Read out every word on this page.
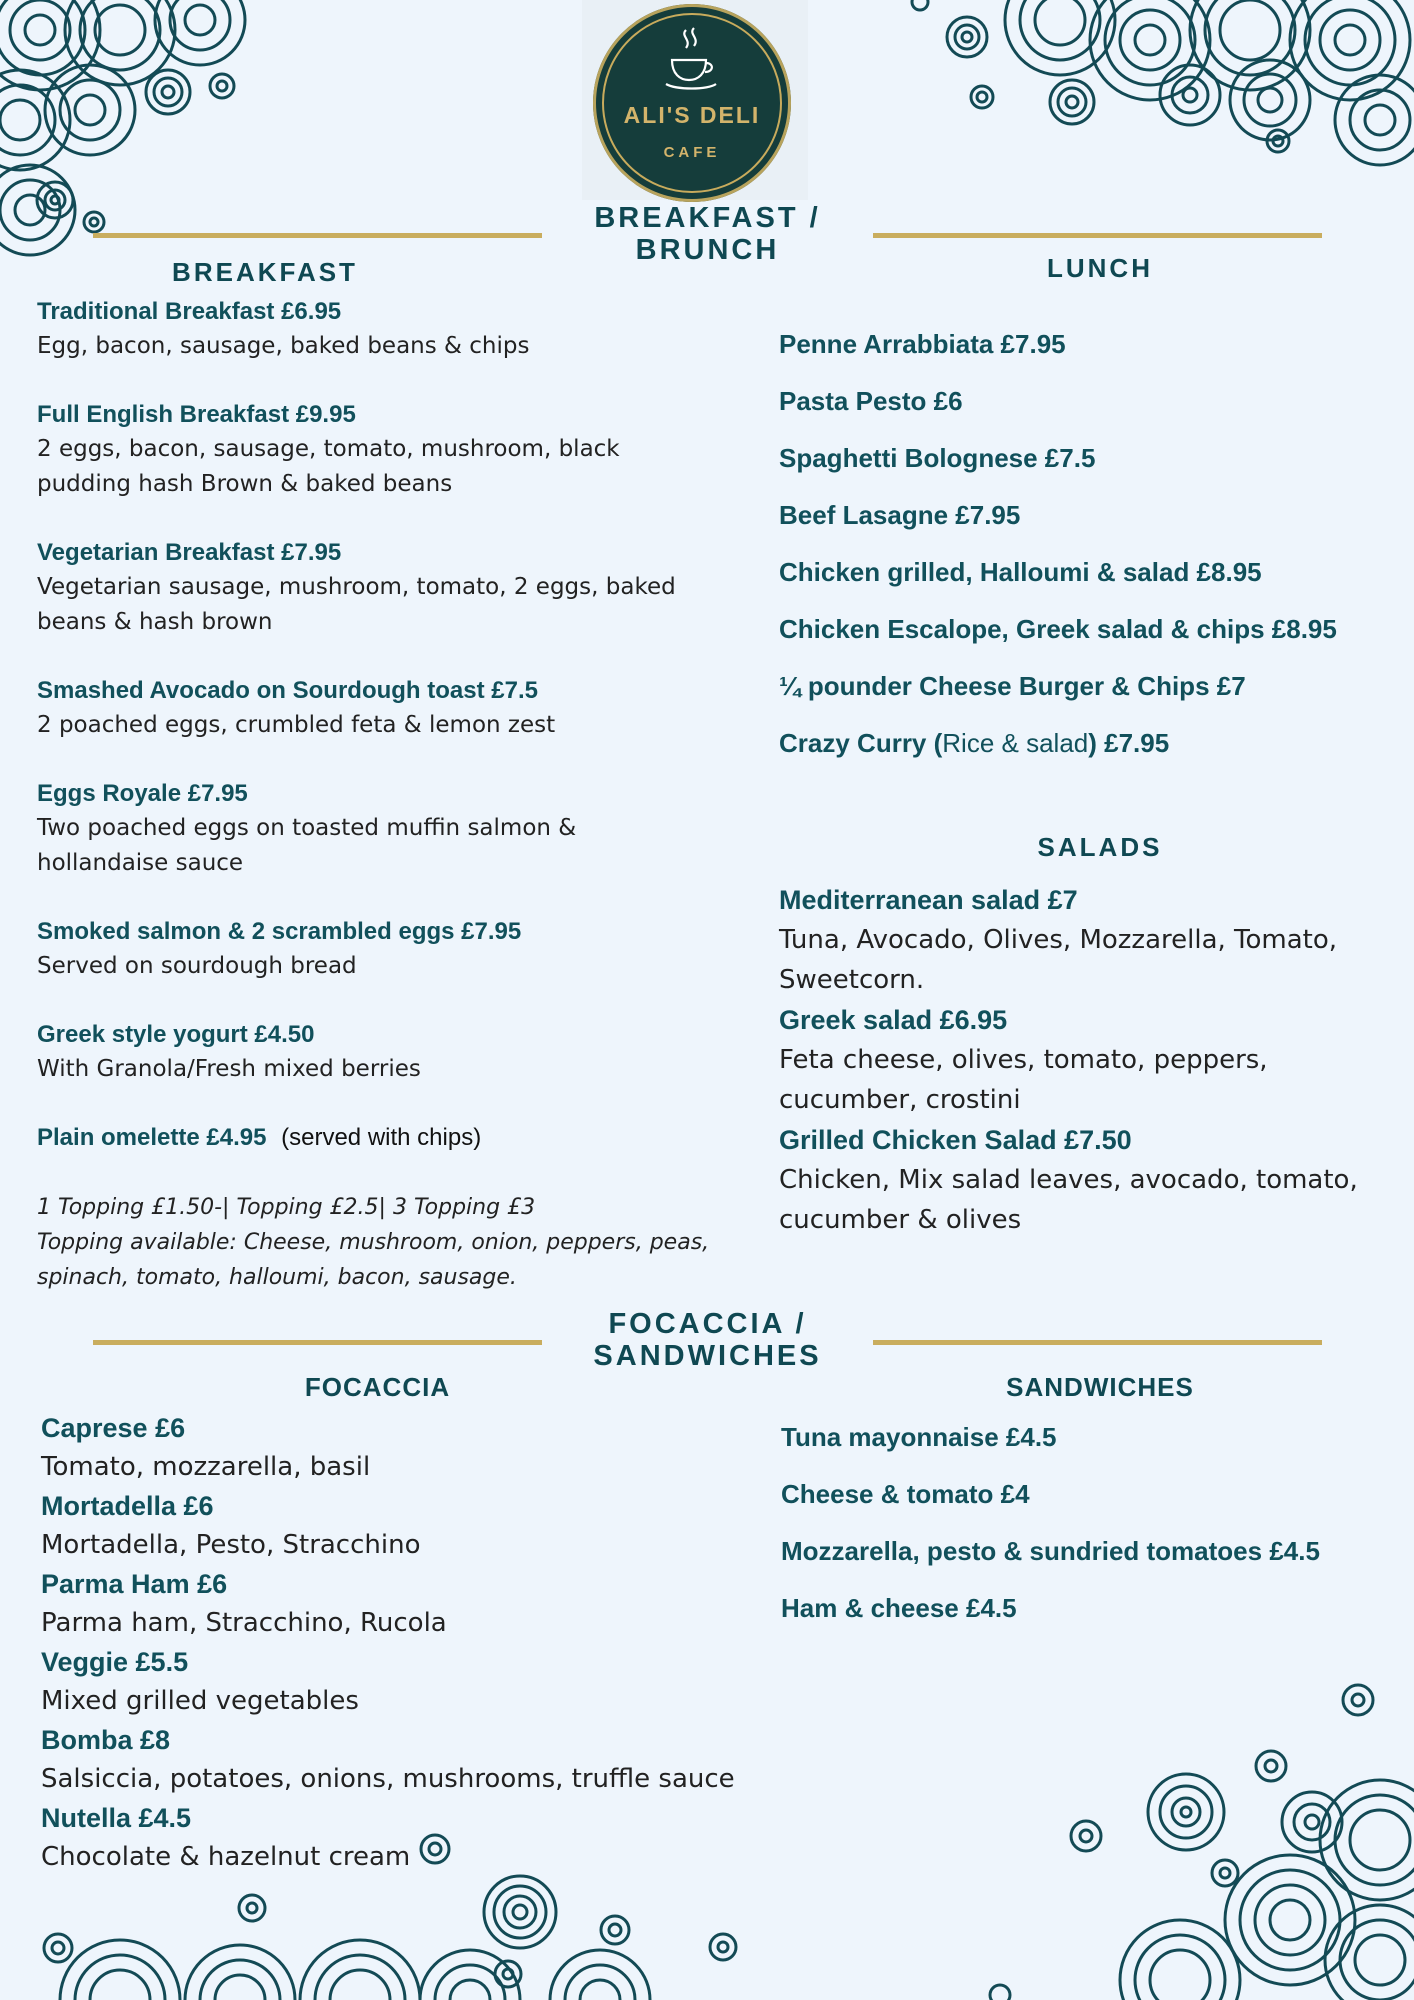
ALI'S DELI
CAFE
BREAKFAST /
BRUNCH
BREAKFAST	LUNCH
Traditional Breakfast £6.95
Egg, bacon, sausage, baked beans & chips
Full English Breakfast £9.95
2 eggs, bacon, sausage, tomato, mushroom, black pudding hash Brown & baked beans
Vegetarian Breakfast £7.95
Vegetarian sausage, mushroom, tomato, 2 eggs, baked beans & hash brown
Smashed Avocado on Sourdough toast £7.5
2 poached eggs, crumbled feta & lemon zest
Eggs Royale £7.95
Two poached eggs on toasted muffin salmon & hollandaise sauce
Smoked salmon & 2 scrambled eggs £7.95
Served on sourdough bread
Greek style yogurt £4.50
With Granola/Fresh mixed berries
Plain omelette £4.95 (served with chips)
1 Topping £1.50-| Topping £2.5| 3 Topping £3
Topping available: Cheese, mushroom, onion, peppers, peas, spinach, tomato, halloumi, bacon, sausage.
Penne Arrabbiata £7.95
Pasta Pesto £6
Spaghetti Bolognese £7.5
Beef Lasagne £7.95
Chicken grilled, Halloumi & salad £8.95
Chicken Escalope, Greek salad & chips £8.95
¼ pounder Cheese Burger & Chips £7
Crazy Curry (Rice & salad) £7.95
SALADS
Mediterranean salad £7
Tuna, Avocado, Olives, Mozzarella, Tomato, Sweetcorn.
Greek salad £6.95
Feta cheese, olives, tomato, peppers, cucumber, crostini
Grilled Chicken Salad £7.50
Chicken, Mix salad leaves, avocado, tomato, cucumber & olives
FOCACCIA /
SANDWICHES
FOCACCIA	SANDWICHES
Caprese £6
Tomato, mozzarella, basil
Mortadella £6
Mortadella, Pesto, Stracchino
Parma Ham £6
Parma ham, Stracchino, Rucola
Veggie £5.5
Mixed grilled vegetables
Bomba £8
Salsiccia, potatoes, onions, mushrooms, truffle sauce
Nutella £4.5
Chocolate & hazelnut cream
Tuna mayonnaise £4.5
Cheese & tomato £4
Mozzarella, pesto & sundried tomatoes £4.5
Ham & cheese £4.5
